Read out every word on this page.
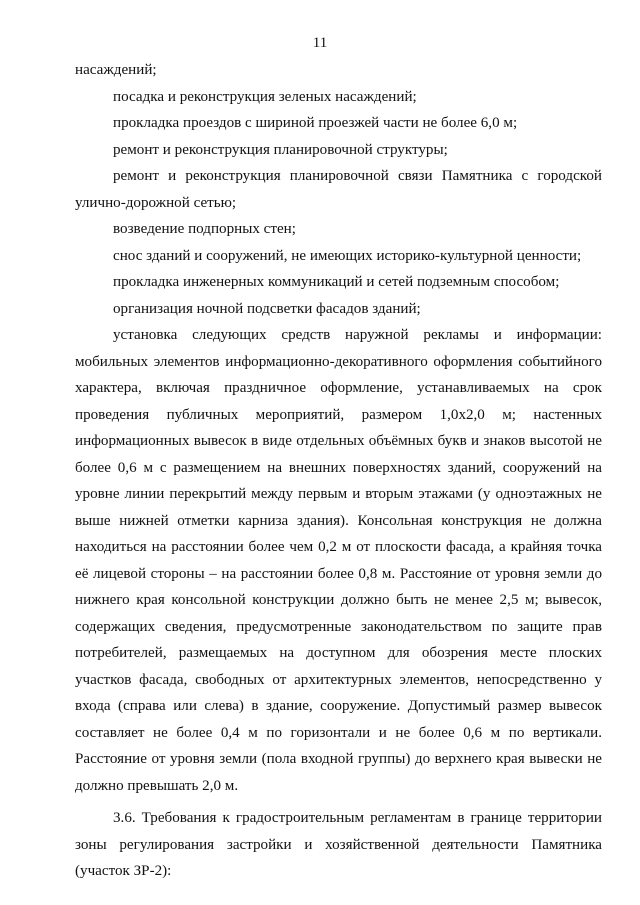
11

насаждений;

посадка и реконструкция зеленых насаждений;

прокладка проездов с шириной проезжей части не более 6,0 м;

ремонт и реконструкция планировочной структуры;

ремонт и реконструкция планировочной связи Памятника с городской улично-дорожной сетью;

возведение подпорных стен;

снос зданий и сооружений, не имеющих историко-культурной ценности;

прокладка инженерных коммуникаций и сетей подземным способом;

организация ночной подсветки фасадов зданий;

установка следующих средств наружной рекламы и информации: мобильных элементов информационно-декоративного оформления событийного характера, включая праздничное оформление, устанавливаемых на срок проведения публичных мероприятий, размером 1,0х2,0 м; настенных информационных вывесок в виде отдельных объёмных букв и знаков высотой не более 0,6 м с размещением на внешних поверхностях зданий, сооружений на уровне линии перекрытий между первым и вторым этажами (у одноэтажных не выше нижней отметки карниза здания). Консольная конструкция не должна находиться на расстоянии более чем 0,2 м от плоскости фасада, а крайняя точка её лицевой стороны – на расстоянии более 0,8 м. Расстояние от уровня земли до нижнего края консольной конструкции должно быть не менее 2,5 м; вывесок, содержащих сведения, предусмотренные законодательством по защите прав потребителей, размещаемых на доступном для обозрения месте плоских участков фасада, свободных от архитектурных элементов, непосредственно у входа (справа или слева) в здание, сооружение. Допустимый размер вывесок составляет не более 0,4 м по горизонтали и не более 0,6 м по вертикали. Расстояние от уровня земли (пола входной группы) до верхнего края вывески не должно превышать 2,0 м.

3.6. Требования к градостроительным регламентам в границе территории зоны регулирования застройки и хозяйственной деятельности Памятника (участок ЗР-2):
